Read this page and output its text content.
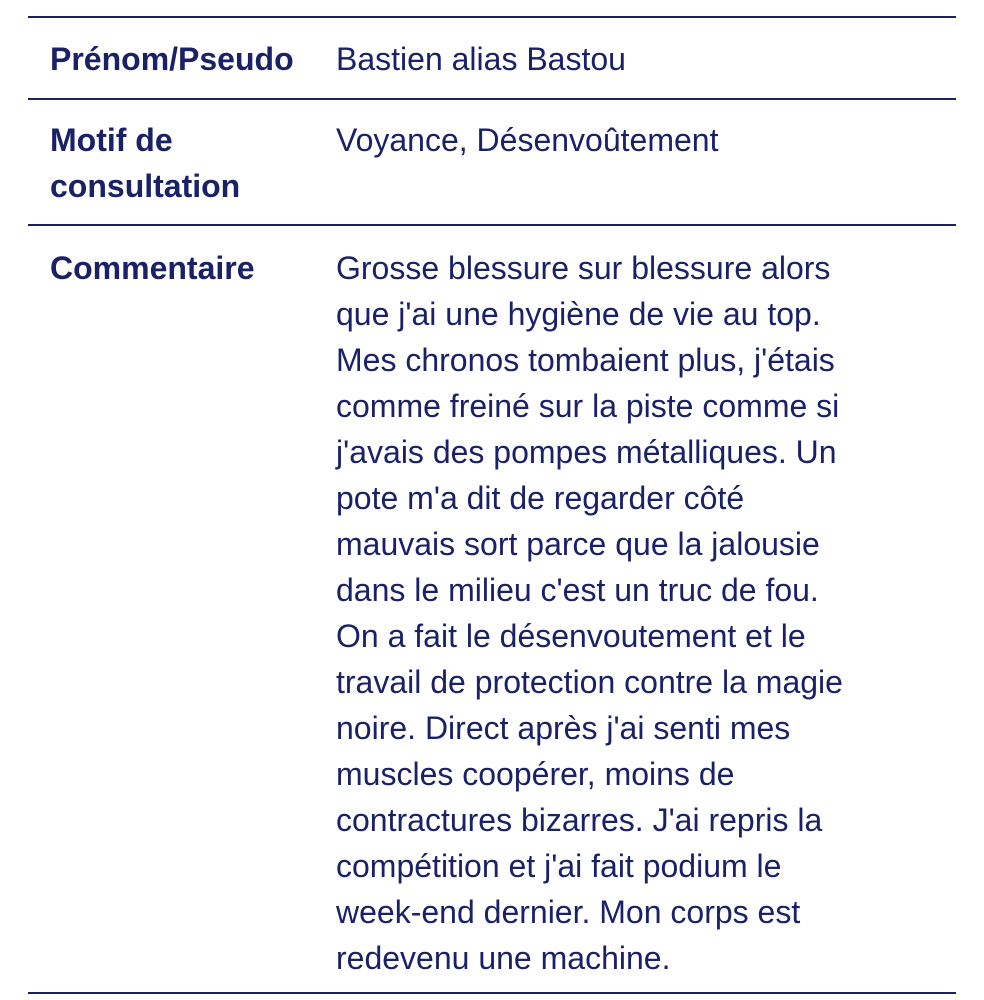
Prénom/Pseudo	Bastien alias Bastou
Motif de
consultation
Voyance, Désenvoûtement
Commentaire	Grosse blessure sur blessure alors
que j'ai une hygiène de vie au top.
Mes chronos tombaient plus, j'étais
comme freiné sur la piste comme si
j'avais des pompes métalliques. Un
pote m'a dit de regarder côté
mauvais sort parce que la jalousie
dans le milieu c'est un truc de fou.
On a fait le désenvoutement et le
travail de protection contre la magie
noire. Direct après j'ai senti mes
muscles coopérer, moins de
contractures bizarres. J'ai repris la
compétition et j'ai fait podium le
week-end dernier. Mon corps est
redevenu une machine.
